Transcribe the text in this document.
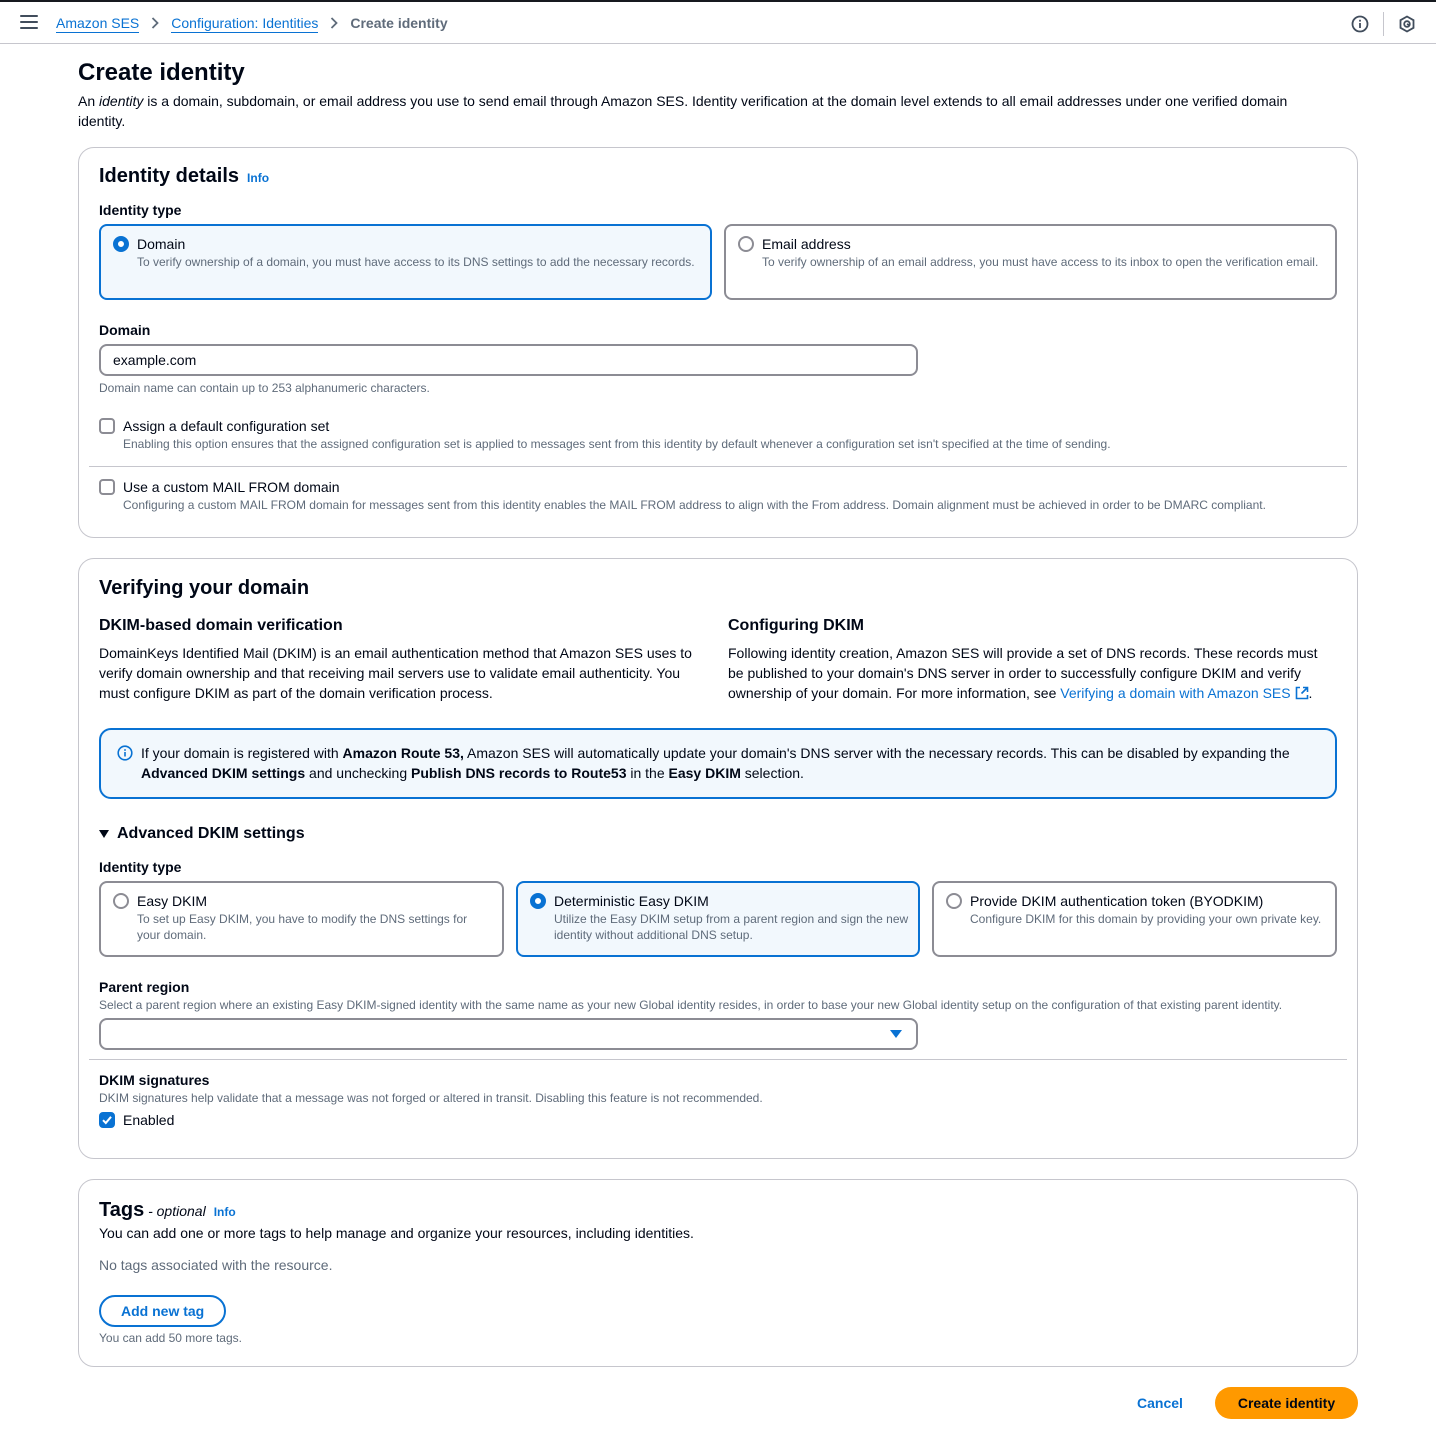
Amazon SES Configuration: Identities Create identity
Create identity

An identity is a domain, subdomain, or email address you use to send email through Amazon SES. Identity verification at the domain level extends to all email addresses under one verified domain identity.

Identity details Info
Identity type
Domain
To verify ownership of a domain, you must have access to its DNS settings to add the necessary records.
Email address
To verify ownership of an email address, you must have access to its inbox to open the verification email.
Domain
example.com
Domain name can contain up to 253 alphanumeric characters.
Assign a default configuration set
Enabling this option ensures that the assigned configuration set is applied to messages sent from this identity by default whenever a configuration set isn't specified at the time of sending.
Use a custom MAIL FROM domain
Configuring a custom MAIL FROM domain for messages sent from this identity enables the MAIL FROM address to align with the From address. Domain alignment must be achieved in order to be DMARC compliant.
Verifying your domain
DKIM-based domain verification
DomainKeys Identified Mail (DKIM) is an email authentication method that Amazon SES uses to verify domain ownership and that receiving mail servers use to validate email authenticity. You must configure DKIM as part of the domain verification process.
Configuring DKIM
Following identity creation, Amazon SES will provide a set of DNS records. These records must be published to your domain's DNS server in order to successfully configure DKIM and verify ownership of your domain. For more information, see Verifying a domain with Amazon SES .
If your domain is registered with Amazon Route 53, Amazon SES will automatically update your domain's DNS server with the necessary records. This can be disabled by expanding the Advanced DKIM settings and unchecking Publish DNS records to Route53 in the Easy DKIM selection.
Advanced DKIM settings
Identity type
Easy DKIM
To set up Easy DKIM, you have to modify the DNS settings for your domain.
Deterministic Easy DKIM
Utilize the Easy DKIM setup from a parent region and sign the new identity without additional DNS setup.
Provide DKIM authentication token (BYODKIM)
Configure DKIM for this domain by providing your own private key.
Parent region
Select a parent region where an existing Easy DKIM-signed identity with the same name as your new Global identity resides, in order to base your new Global identity setup on the configuration of that existing parent identity.
DKIM signatures
DKIM signatures help validate that a message was not forged or altered in transit. Disabling this feature is not recommended.
Enabled
Tags - optional Info
You can add one or more tags to help manage and organize your resources, including identities.
No tags associated with the resource.
Add new tag
You can add 50 more tags.
Cancel	Create identity
